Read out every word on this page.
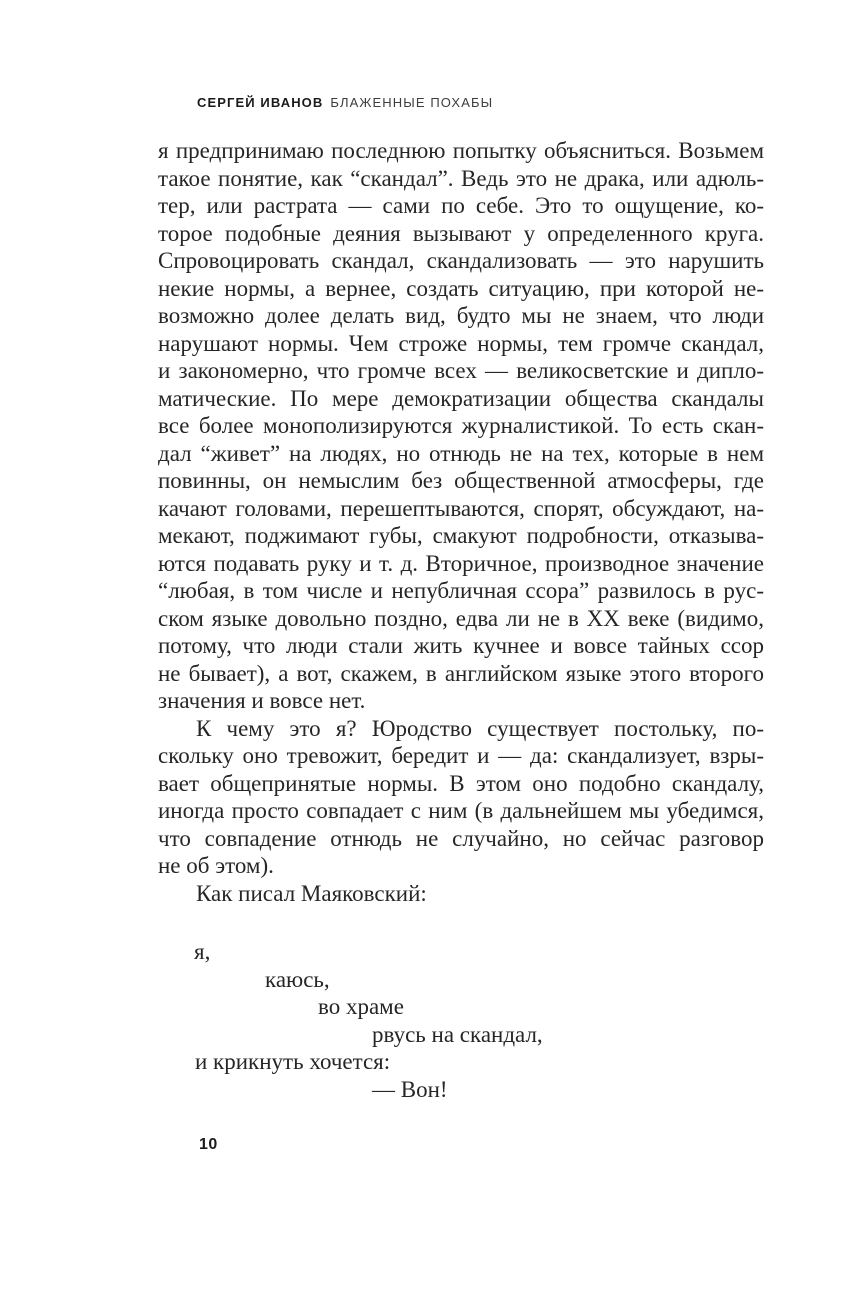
СЕРГЕЙ ИВАНОВ БЛАЖЕННЫЕ ПОХАБЫ
я предпринимаю последнюю попытку объясниться. Возьмем
такое понятие, как “скандал”. Ведь это не драка, или адюль-
тер, или растрата — сами по себе. Это то ощущение, ко-
торое подобные деяния вызывают у определенного круга.
Спровоцировать скандал, скандализовать — это нарушить
некие нормы, а вернее, создать ситуацию, при которой не-
возможно долее делать вид, будто мы не знаем, что люди
нарушают нормы. Чем строже нормы, тем громче скандал,
и закономерно, что громче всех — великосветские и дипло-
матические. По мере демократизации общества скандалы
все более монополизируются журналистикой. То есть скан-
дал “живет” на людях, но отнюдь не на тех, которые в нем
повинны, он немыслим без общественной атмосферы, где
качают головами, перешептываются, спорят, обсуждают, на-
мекают, поджимают губы, смакуют подробности, отказыва-
ются подавать руку и т. д. Вторичное, производное значение
“любая, в том числе и непубличная ссора” развилось в рус-
ском языке довольно поздно, едва ли не в XX веке (видимо,
потому, что люди стали жить кучнее и вовсе тайных ссор
не бывает), а вот, скажем, в английском языке этого второго
значения и вовсе нет.
К чему это я? Юродство существует постольку, по-
скольку оно тревожит, бередит и — да: скандализует, взры-
вает общепринятые нормы. В этом оно подобно скандалу,
иногда просто совпадает с ним (в дальнейшем мы убедимся,
что совпадение отнюдь не случайно, но сейчас разговор
не об этом).
Как писал Маяковский:
я,
каюсь,
во храме
рвусь на скандал,
и крикнуть хочется:
— Вон!
10
